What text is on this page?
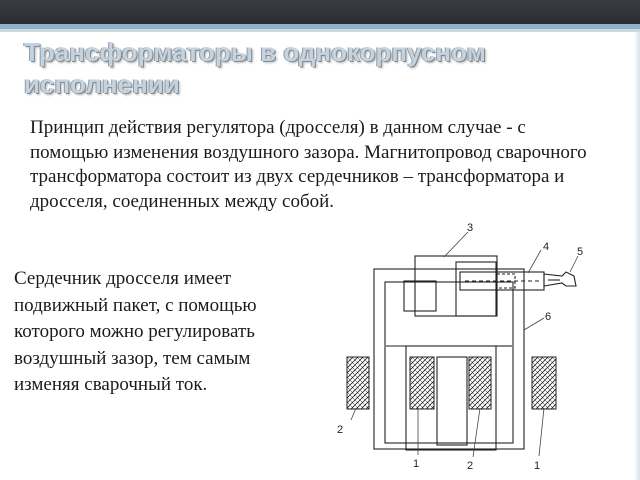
Трансформаторы в однокорпусном исполнении

Принцип действия регулятора (дросселя) в данном случае - с помощью изменения воздушного зазора. Магнитопровод сварочного трансформатора состоит из двух сердечников – трансформатора и дросселя, соединенных между собой.

3
4	5
6
2
1	2	1

Сердечник дросселя имеет подвижный пакет, с помощью которого можно регулировать воздушный зазор, тем самым изменяя сварочный ток.
